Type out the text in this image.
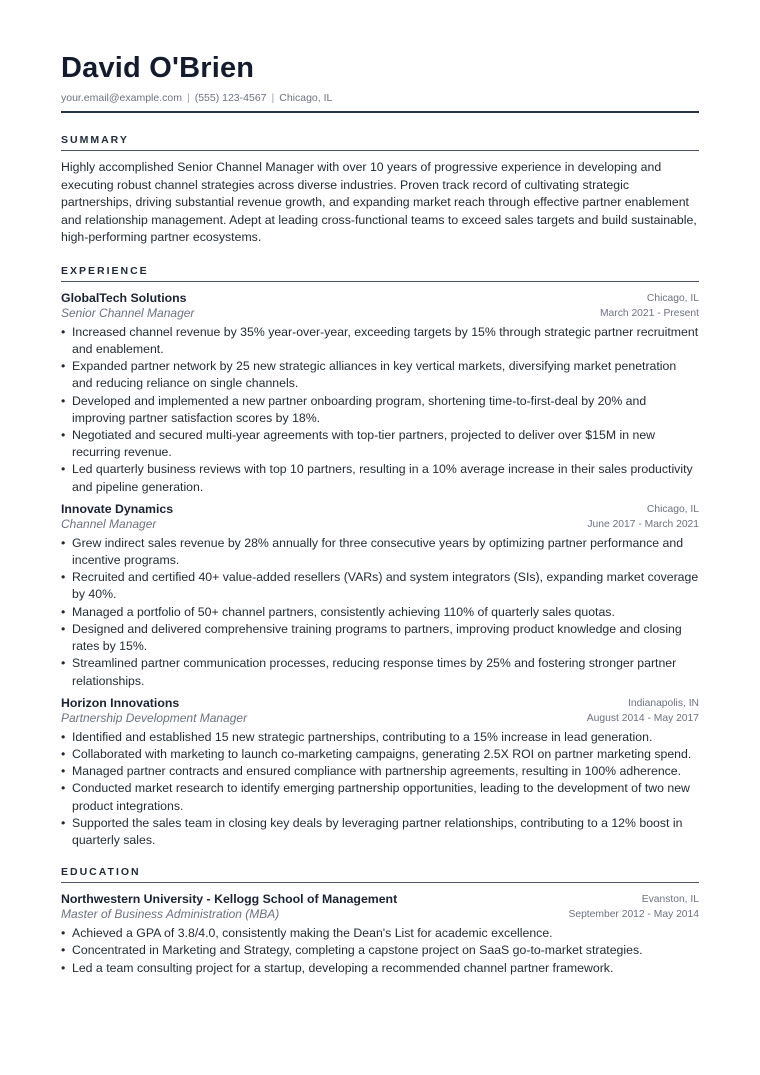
David O'Brien
your.email@example.com | (555) 123-4567 | Chicago, IL
SUMMARY
Highly accomplished Senior Channel Manager with over 10 years of progressive experience in developing and executing robust channel strategies across diverse industries. Proven track record of cultivating strategic partnerships, driving substantial revenue growth, and expanding market reach through effective partner enablement and relationship management. Adept at leading cross-functional teams to exceed sales targets and build sustainable, high-performing partner ecosystems.
EXPERIENCE
GlobalTech Solutions
Senior Channel Manager
Chicago, IL
March 2021 - Present
• Increased channel revenue by 35% year-over-year, exceeding targets by 15% through strategic partner recruitment and enablement.
• Expanded partner network by 25 new strategic alliances in key vertical markets, diversifying market penetration and reducing reliance on single channels.
• Developed and implemented a new partner onboarding program, shortening time-to-first-deal by 20% and improving partner satisfaction scores by 18%.
• Negotiated and secured multi-year agreements with top-tier partners, projected to deliver over $15M in new recurring revenue.
• Led quarterly business reviews with top 10 partners, resulting in a 10% average increase in their sales productivity and pipeline generation.
Innovate Dynamics
Channel Manager
Chicago, IL
June 2017 - March 2021
• Grew indirect sales revenue by 28% annually for three consecutive years by optimizing partner performance and incentive programs.
• Recruited and certified 40+ value-added resellers (VARs) and system integrators (SIs), expanding market coverage by 40%.
• Managed a portfolio of 50+ channel partners, consistently achieving 110% of quarterly sales quotas.
• Designed and delivered comprehensive training programs to partners, improving product knowledge and closing rates by 15%.
• Streamlined partner communication processes, reducing response times by 25% and fostering stronger partner relationships.
Horizon Innovations
Partnership Development Manager
Indianapolis, IN
August 2014 - May 2017
• Identified and established 15 new strategic partnerships, contributing to a 15% increase in lead generation.
• Collaborated with marketing to launch co-marketing campaigns, generating 2.5X ROI on partner marketing spend.
• Managed partner contracts and ensured compliance with partnership agreements, resulting in 100% adherence.
• Conducted market research to identify emerging partnership opportunities, leading to the development of two new product integrations.
• Supported the sales team in closing key deals by leveraging partner relationships, contributing to a 12% boost in quarterly sales.
EDUCATION
Northwestern University - Kellogg School of Management
Master of Business Administration (MBA)
Evanston, IL
September 2012 - May 2014
• Achieved a GPA of 3.8/4.0, consistently making the Dean's List for academic excellence.
• Concentrated in Marketing and Strategy, completing a capstone project on SaaS go-to-market strategies.
• Led a team consulting project for a startup, developing a recommended channel partner framework.
